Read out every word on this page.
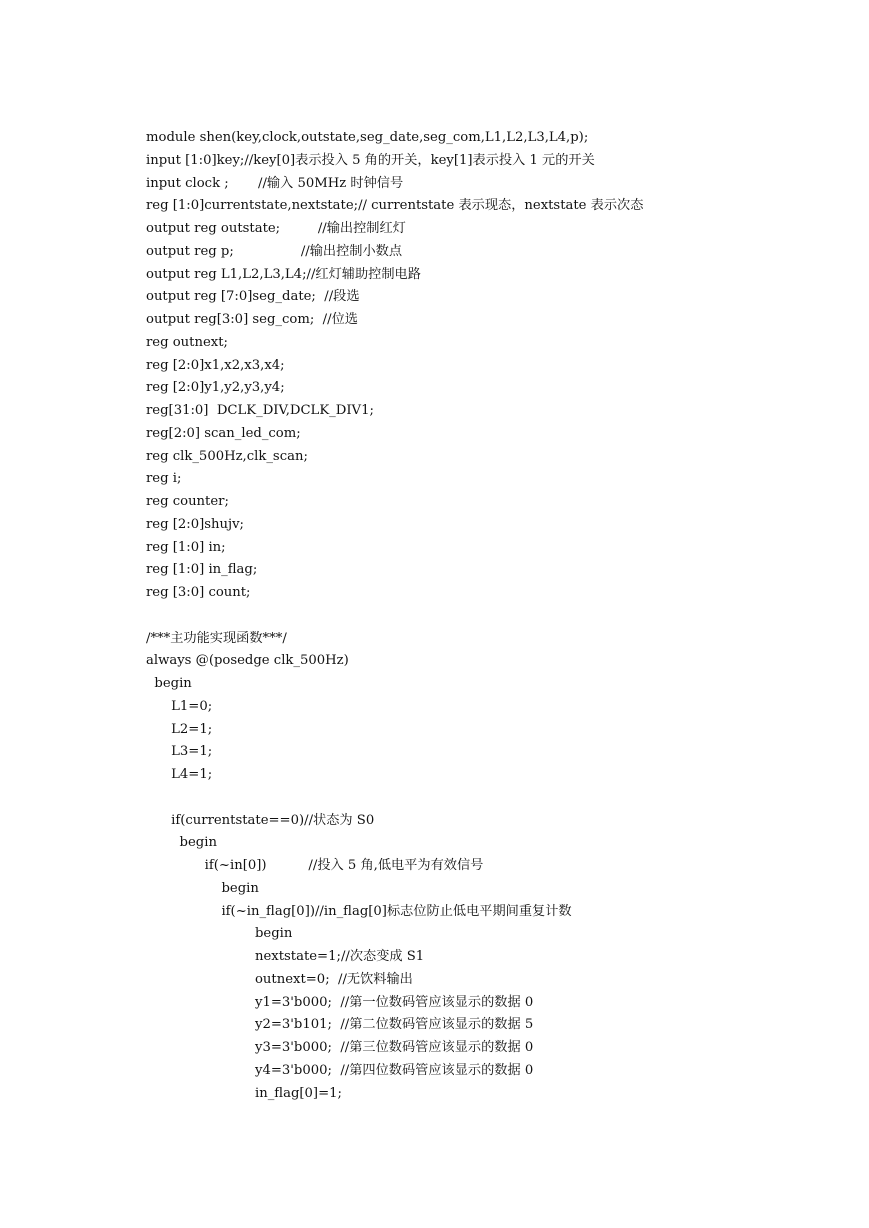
module shen(key,clock,outstate,seg_date,seg_com,L1,L2,L3,L4,p);
input [1:0]key;//key[0]表示投入 5 角的开关，key[1]表示投入 1 元的开关
input clock ;       //输入 50MHz 时钟信号
reg [1:0]currentstate,nextstate;// currentstate 表示现态，nextstate 表示次态
output reg outstate;         //输出控制红灯
output reg p;                //输出控制小数点
output reg L1,L2,L3,L4;//红灯辅助控制电路
output reg [7:0]seg_date;  //段选
output reg[3:0] seg_com;  //位选
reg outnext;
reg [2:0]x1,x2,x3,x4;
reg [2:0]y1,y2,y3,y4;
reg[31:0]  DCLK_DIV,DCLK_DIV1;
reg[2:0] scan_led_com;
reg clk_500Hz,clk_scan;
reg i;
reg counter;
reg [2:0]shujv;
reg [1:0] in;
reg [1:0] in_flag;
reg [3:0] count;
/***主功能实现函数***/
always @(posedge clk_500Hz)
begin
L1=0;
L2=1;
L3=1;
L4=1;
if(currentstate==0)//状态为 S0
begin
if(~in[0])          //投入 5 角,低电平为有效信号
begin
if(~in_flag[0])//in_flag[0]标志位防止低电平期间重复计数
begin
nextstate=1;//次态变成 S1
outnext=0;  //无饮料输出
y1=3'b000;  //第一位数码管应该显示的数据 0
y2=3'b101;  //第二位数码管应该显示的数据 5
y3=3'b000;  //第三位数码管应该显示的数据 0
y4=3'b000;  //第四位数码管应该显示的数据 0
in_flag[0]=1;
